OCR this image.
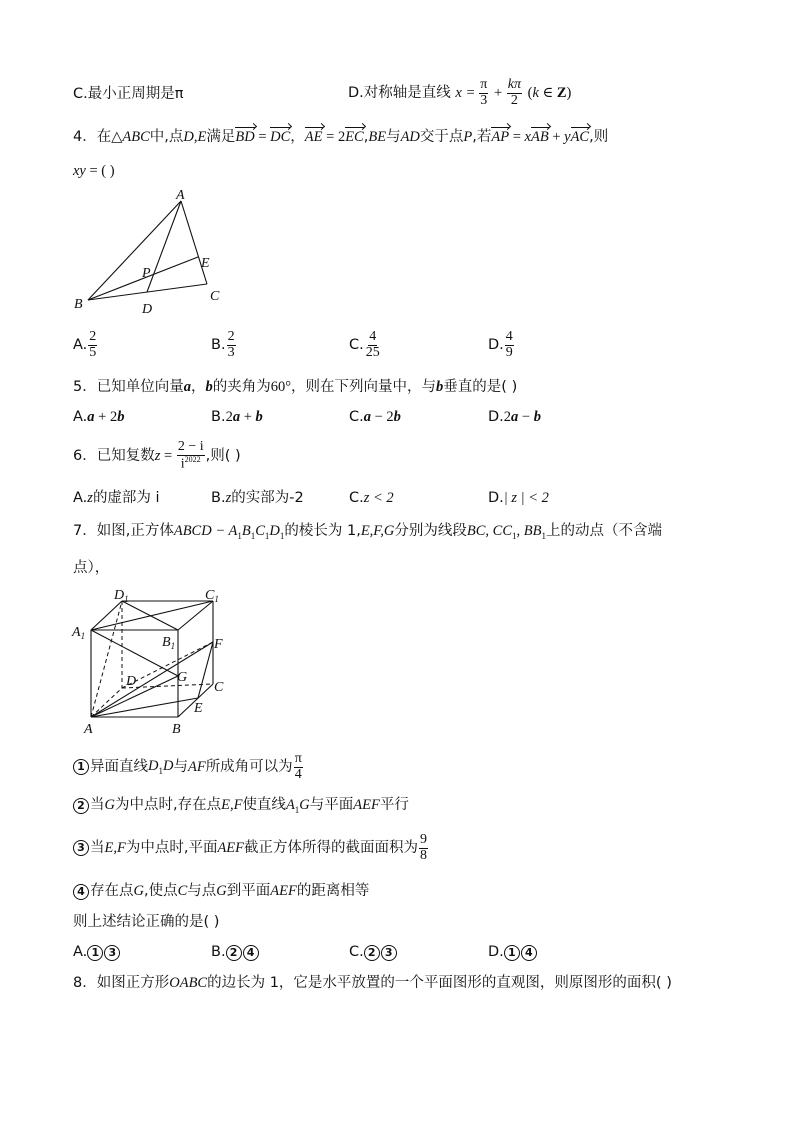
C.最小正周期是π	D.对称轴是直线 $x = \frac{\pi}{3} + \frac{k\pi}{2} (k$ ∈ Z)
4．在△ABC中,点D,E满足BD = DC，AE = 2EC,BE与AD交于点P,若AP = xAB + yAC,则
xy = ( )
A
B
C
D
E
P
A. $\frac{2}{5}$	B. $\frac{2}{3}$	C. $\frac{4}{25}$	D. $\frac{4}{9}$
5．已知单位向量a，b的夹角为60°，则在下列向量中，与b垂直的是( )
A.a + 2b	B.2a + b	C.a − 2b	D.2a − b
6．已知复数$z = \frac{2 - i}{i^{2022}}$ ,则( )
A.z的虚部为 i	B.z的实部为-2	C.z < 2	D.| z | < 2
7．如图,正方体ABCD − $A_1B_1C_1D_1$的棱长为 1,E,F,G分别为线段BC, $CC_1$, $BB_1$上的动点（不含端
点），
$D_1$	$C_1$
$A_1$	$B_1$	F
D	G
C
E
A	B
1 异面直线$D_1D$与AF所成角可以为 $\frac{\pi}{4}$
2 当G为中点时,存在点E,F使直线$A_1G$与平面AEF平行
3 当E,F为中点时,平面AEF截正方体所得的截面面积为 $\frac{9}{8}$
4 存在点G,使点C与点G到平面AEF的距离相等
则上述结论正确的是( )
A. 1 3	B. 2 4	C. 2 3	D. 1 4
8．如图正方形OABC的边长为 1，它是水平放置的一个平面图形的直观图，则原图形的面积( )
